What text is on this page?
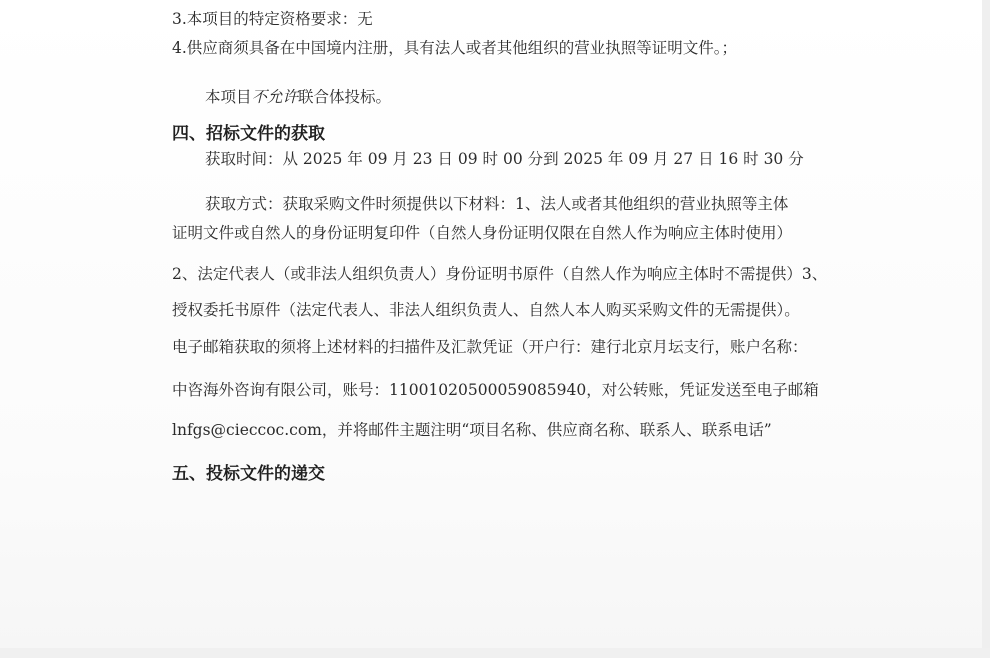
3.本项目的特定资格要求：无
4.供应商须具备在中国境内注册，具有法人或者其他组织的营业执照等证明文件。；
本项目不允许联合体投标。
四、招标文件的获取
获取时间：从 2025 年 09 月 23 日 09 时 00 分到 2025 年 09 月 27 日 16 时 30 分
获取方式：获取采购文件时须提供以下材料：1、法人或者其他组织的营业执照等主体
证明文件或自然人的身份证明复印件（自然人身份证明仅限在自然人作为响应主体时使用）
2、法定代表人（或非法人组织负责人）身份证明书原件（自然人作为响应主体时不需提供）3、
授权委托书原件（法定代表人、非法人组织负责人、自然人本人购买采购文件的无需提供）。
电子邮箱获取的须将上述材料的扫描件及汇款凭证（开户行：建行北京月坛支行，账户名称：
中咨海外咨询有限公司，账号：11001020500059085940，对公转账，凭证发送至电子邮箱
lnfgs@cieccoc.com，并将邮件主题注明“项目名称、供应商名称、联系人、联系电话”
五、投标文件的递交
